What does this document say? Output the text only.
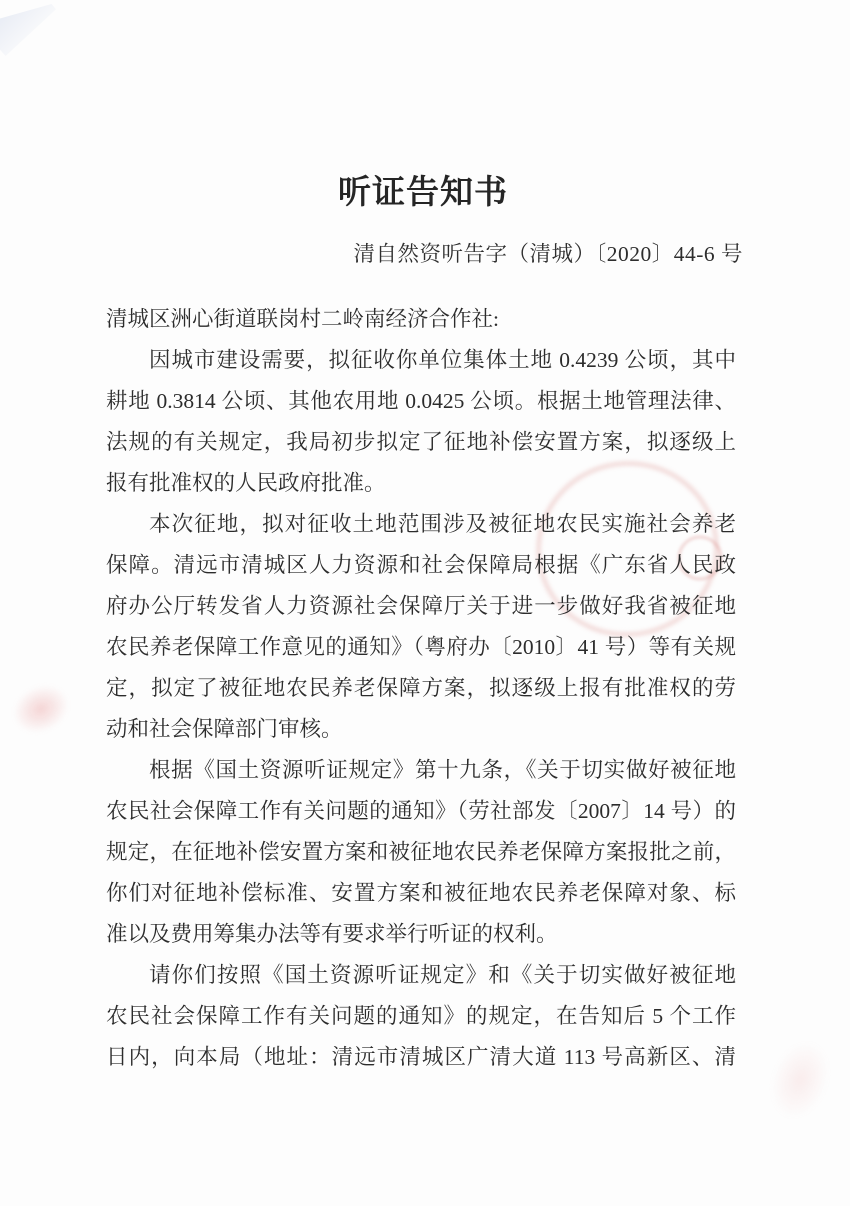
听证告知书
清自然资听告字（清城）〔2020〕44-6 号
清城区洲心街道联岗村二岭南经济合作社:
因城市建设需要，拟征收你单位集体土地 0.4239 公顷，其中
耕地 0.3814 公顷、其他农用地 0.0425 公顷。根据土地管理法律、
法规的有关规定，我局初步拟定了征地补偿安置方案，拟逐级上
报有批准权的人民政府批准。
本次征地，拟对征收土地范围涉及被征地农民实施社会养老
保障。清远市清城区人力资源和社会保障局根据《广东省人民政
府办公厅转发省人力资源社会保障厅关于进一步做好我省被征地
农民养老保障工作意见的通知》（粤府办〔2010〕41 号）等有关规
定，拟定了被征地农民养老保障方案，拟逐级上报有批准权的劳
动和社会保障部门审核。
根据《国土资源听证规定》第十九条，《关于切实做好被征地
农民社会保障工作有关问题的通知》（劳社部发〔2007〕14 号）的
规定，在征地补偿安置方案和被征地农民养老保障方案报批之前，
你们对征地补偿标准、安置方案和被征地农民养老保障对象、标
准以及费用筹集办法等有要求举行听证的权利。
请你们按照《国土资源听证规定》和《关于切实做好被征地
农民社会保障工作有关问题的通知》的规定，在告知后 5 个工作
日内，向本局（地址：清远市清城区广清大道 113 号高新区、清
